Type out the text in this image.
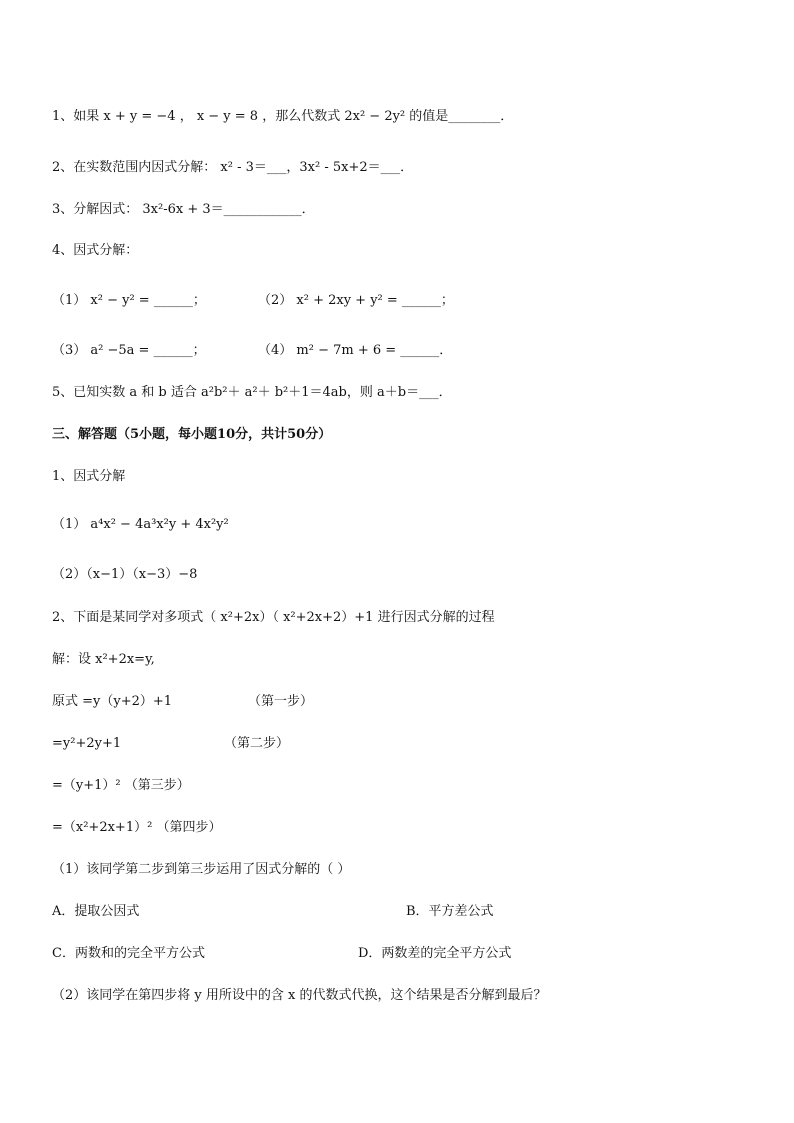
1、如果 x + y = −4 ， x − y = 8 ，那么代数式 2x² − 2y² 的值是________．
2、在实数范围内因式分解： x² - 3＝___，3x² - 5x+2＝___．
3、分解因式： 3x²-6x + 3＝____________．
4、因式分解：
（1） x² − y² = ______；	（2） x² + 2xy + y² = ______；
（3） a² −5a = ______；	（4） m² − 7m + 6 = ______．
5、已知实数 a 和 b 适合 a²b²＋ a²＋ b²＋1＝4ab，则 a＋b＝___．
三、解答题（5小题，每小题10分，共计50分）
1、因式分解
（1） a⁴x² − 4a³x²y + 4x²y²
（2）（x−1）（x−3）−8
2、下面是某同学对多项式（ x²+2x）（ x²+2x+2）+1 进行因式分解的过程
解：设 x²+2x=y,
原式 =y（y+2）+1	（第一步）
=y²+2y+1	（第二步）
=（y+1）² （第三步）
=（x²+2x+1）² （第四步）
（1）该同学第二步到第三步运用了因式分解的（ ）
A．提取公因式	B．平方差公式
C．两数和的完全平方公式	D．两数差的完全平方公式
（2）该同学在第四步将 y 用所设中的含 x 的代数式代换，这个结果是否分解到最后？
